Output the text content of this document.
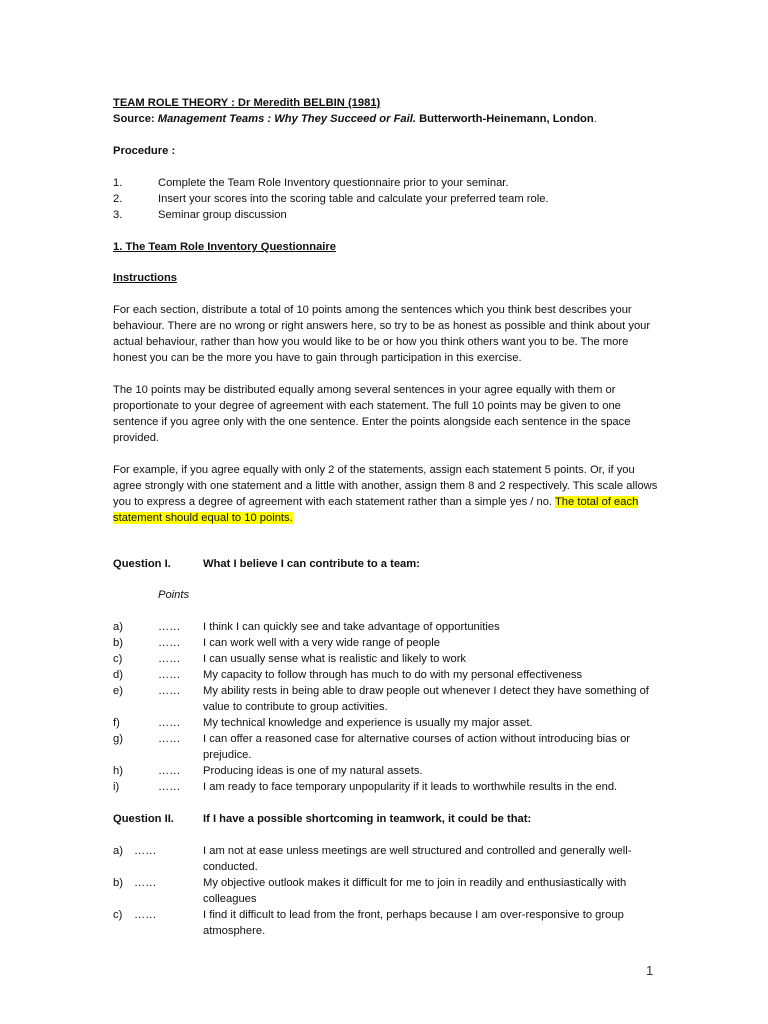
TEAM ROLE THEORY : Dr Meredith BELBIN (1981)
Source: Management Teams : Why They Succeed or Fail. Butterworth-Heinemann, London.
Procedure :
1.	Complete the Team Role Inventory questionnaire prior to your seminar.
2.	Insert your scores into the scoring table and calculate your preferred team role.
3.	Seminar group discussion
1. The Team Role Inventory Questionnaire
Instructions

For each section, distribute a total of 10 points among the sentences which you think best describes your behaviour. There are no wrong or right answers here, so try to be as honest as possible and think about your actual behaviour, rather than how you would like to be or how you think others want you to be. The more honest you can be the more you have to gain through participation in this exercise.

The 10 points may be distributed equally among several sentences in your agree equally with them or proportionate to your degree of agreement with each statement. The full 10 points may be given to one sentence if you agree only with the one sentence. Enter the points alongside each sentence in the space provided.

For example, if you agree equally with only 2 of the statements, assign each statement 5 points. Or, if you agree strongly with one statement and a little with another, assign them 8 and 2 respectively. This scale allows you to express a degree of agreement with each statement rather than a simple yes / no. The total of each statement should equal to 10 points.

Question I.	What I believe I can contribute to a team:
Points
a)	…… I think I can quickly see and take advantage of opportunities
b)	…… I can work well with a very wide range of people
c)	…… I can usually sense what is realistic and likely to work
d)	…… My capacity to follow through has much to do with my personal effectiveness
e)	…… My ability rests in being able to draw people out whenever I detect they have something of value to contribute to group activities.
f)	…… My technical knowledge and experience is usually my major asset.
g)	…… I can offer a reasoned case for alternative courses of action without introducing bias or prejudice.
h)	…… Producing ideas is one of my natural assets.
i)	…… I am ready to face temporary unpopularity if it leads to worthwhile results in the end.
Question II.	If I have a possible shortcoming in teamwork, it could be that:
a) ……	I am not at ease unless meetings are well structured and controlled and generally well-conducted.
b) ……	My objective outlook makes it difficult for me to join in readily and enthusiastically with colleagues
c) ……	I find it difficult to lead from the front, perhaps because I am over-responsive to group atmosphere.
1
